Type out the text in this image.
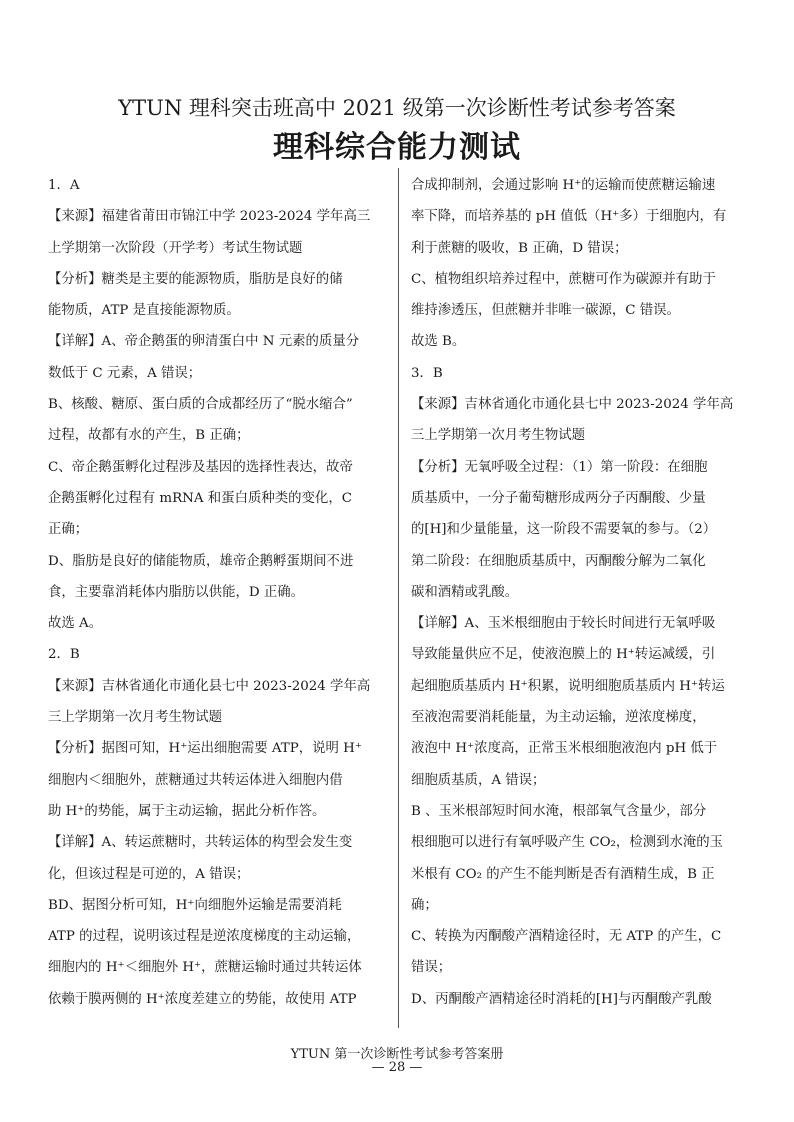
YTUN 理科突击班高中 2021 级第一次诊断性考试参考答案
理科综合能力测试

1．A

【来源】福建省莆田市锦江中学 2023-2024 学年高三

上学期第一次阶段（开学考）考试生物试题

【分析】糖类是主要的能源物质，脂肪是良好的储

能物质，ATP 是直接能源物质。

【详解】A、帝企鹅蛋的卵清蛋白中 N 元素的质量分

数低于 C 元素，A 错误；

B、核酸、糖原、蛋白质的合成都经历了“脱水缩合”

过程，故都有水的产生，B 正确；

C、帝企鹅蛋孵化过程涉及基因的选择性表达，故帝

企鹅蛋孵化过程有 mRNA 和蛋白质种类的变化，C

正确；

D、脂肪是良好的储能物质，雄帝企鹅孵蛋期间不进

食，主要靠消耗体内脂肪以供能，D 正确。

故选 A。

2．B

【来源】吉林省通化市通化县七中 2023-2024 学年高

三上学期第一次月考生物试题

【分析】据图可知，H⁺运出细胞需要 ATP，说明 H⁺

细胞内＜细胞外，蔗糖通过共转运体进入细胞内借

助 H⁺的势能，属于主动运输，据此分析作答。

【详解】A、转运蔗糖时，共转运体的构型会发生变

化，但该过程是可逆的，A 错误；

BD、据图分析可知，H⁺向细胞外运输是需要消耗

ATP 的过程，说明该过程是逆浓度梯度的主动运输，

细胞内的 H⁺＜细胞外 H⁺，蔗糖运输时通过共转运体

依赖于膜两侧的 H⁺浓度差建立的势能，故使用 ATP

合成抑制剂，会通过影响 H⁺的运输而使蔗糖运输速

率下降，而培养基的 pH 值低（H⁺多）于细胞内，有

利于蔗糖的吸收，B 正确，D 错误；

C、植物组织培养过程中，蔗糖可作为碳源并有助于

维持渗透压，但蔗糖并非唯一碳源，C 错误。

故选 B。

3．B

【来源】吉林省通化市通化县七中 2023-2024 学年高

三上学期第一次月考生物试题

【分析】无氧呼吸全过程：（1）第一阶段：在细胞

质基质中，一分子葡萄糖形成两分子丙酮酸、少量

的[H]和少量能量，这一阶段不需要氧的参与。（2）

第二阶段：在细胞质基质中，丙酮酸分解为二氧化

碳和酒精或乳酸。

【详解】A、玉米根细胞由于较长时间进行无氧呼吸

导致能量供应不足，使液泡膜上的 H⁺转运减缓，引

起细胞质基质内 H⁺积累，说明细胞质基质内 H⁺转运

至液泡需要消耗能量，为主动运输，逆浓度梯度，

液泡中 H⁺浓度高，正常玉米根细胞液泡内 pH 低于

细胞质基质，A 错误；

B 、玉米根部短时间水淹，根部氧气含量少，部分

根细胞可以进行有氧呼吸产生 CO₂，检测到水淹的玉

米根有 CO₂ 的产生不能判断是否有酒精生成，B 正

确；

C、转换为丙酮酸产酒精途径时，无 ATP 的产生，C

错误；

D、丙酮酸产酒精途径时消耗的[H]与丙酮酸产乳酸

YTUN 第一次诊断性考试参考答案册
— 28 —
